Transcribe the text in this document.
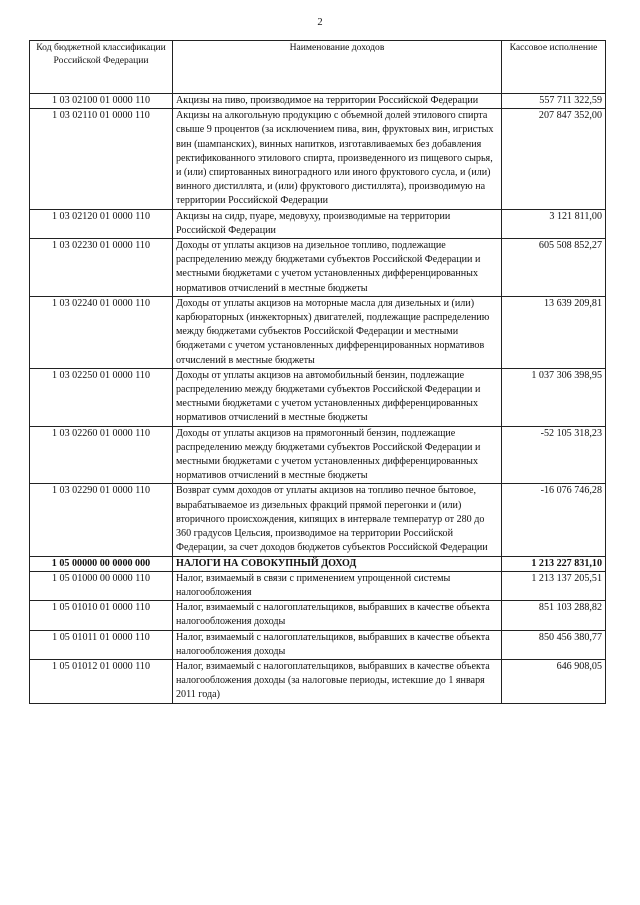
2
Код бюджетной классификации Российской Федерации	Наименование доходов	Кассовое исполнение
1 03 02100 01 0000 110	Акцизы на пиво, производимое на территории Российской Федерации	557 711 322,59
1 03 02110 01 0000 110	Акцизы на алкогольную продукцию с объемной долей этилового спирта свыше 9 процентов (за исключением пива, вин, фруктовых вин, игристых вин (шампанских), винных напитков, изготавливаемых без добавления ректификованного этилового спирта, произведенного из пищевого сырья, и (или) спиртованных виноградного или иного фруктового сусла, и (или) винного дистиллята, и (или) фруктового дистиллята), производимую на территории Российской Федерации	207 847 352,00
1 03 02120 01 0000 110	Акцизы на сидр, пуаре, медовуху, производимые на территории Российской Федерации	3 121 811,00
1 03 02230 01 0000 110	Доходы от уплаты акцизов на дизельное топливо, подлежащие распределению между бюджетами субъектов Российской Федерации и местными бюджетами с учетом установленных дифференцированных нормативов отчислений в местные бюджеты	605 508 852,27
1 03 02240 01 0000 110	Доходы от уплаты акцизов на моторные масла для дизельных и (или) карбюраторных (инжекторных) двигателей, подлежащие распределению между бюджетами субъектов Российской Федерации и местными бюджетами с учетом установленных дифференцированных нормативов отчислений в местные бюджеты	13 639 209,81
1 03 02250 01 0000 110	Доходы от уплаты акцизов на автомобильный бензин, подлежащие распределению между бюджетами субъектов Российской Федерации и местными бюджетами с учетом установленных дифференцированных нормативов отчислений в местные бюджеты	1 037 306 398,95
1 03 02260 01 0000 110	Доходы от уплаты акцизов на прямогонный бензин, подлежащие распределению между бюджетами субъектов Российской Федерации и местными бюджетами с учетом установленных дифференцированных нормативов отчислений в местные бюджеты	-52 105 318,23
1 03 02290 01 0000 110	Возврат сумм доходов от уплаты акцизов на топливо печное бытовое, вырабатываемое из дизельных фракций прямой перегонки и (или) вторичного происхождения, кипящих в интервале температур от 280 до 360 градусов Цельсия, производимое на территории Российской Федерации, за счет доходов бюджетов субъектов Российской Федерации	-16 076 746,28
1 05 00000 00 0000 000	НАЛОГИ НА СОВОКУПНЫЙ ДОХОД	1 213 227 831,10
1 05 01000 00 0000 110	Налог, взимаемый в связи с применением упрощенной системы налогообложения	1 213 137 205,51
1 05 01010 01 0000 110	Налог, взимаемый с налогоплательщиков, выбравших в качестве объекта налогообложения доходы	851 103 288,82
1 05 01011 01 0000 110	Налог, взимаемый с налогоплательщиков, выбравших в качестве объекта налогообложения доходы	850 456 380,77
1 05 01012 01 0000 110	Налог, взимаемый с налогоплательщиков, выбравших в качестве объекта налогообложения доходы (за налоговые периоды, истекшие до 1 января 2011 года)	646 908,05
